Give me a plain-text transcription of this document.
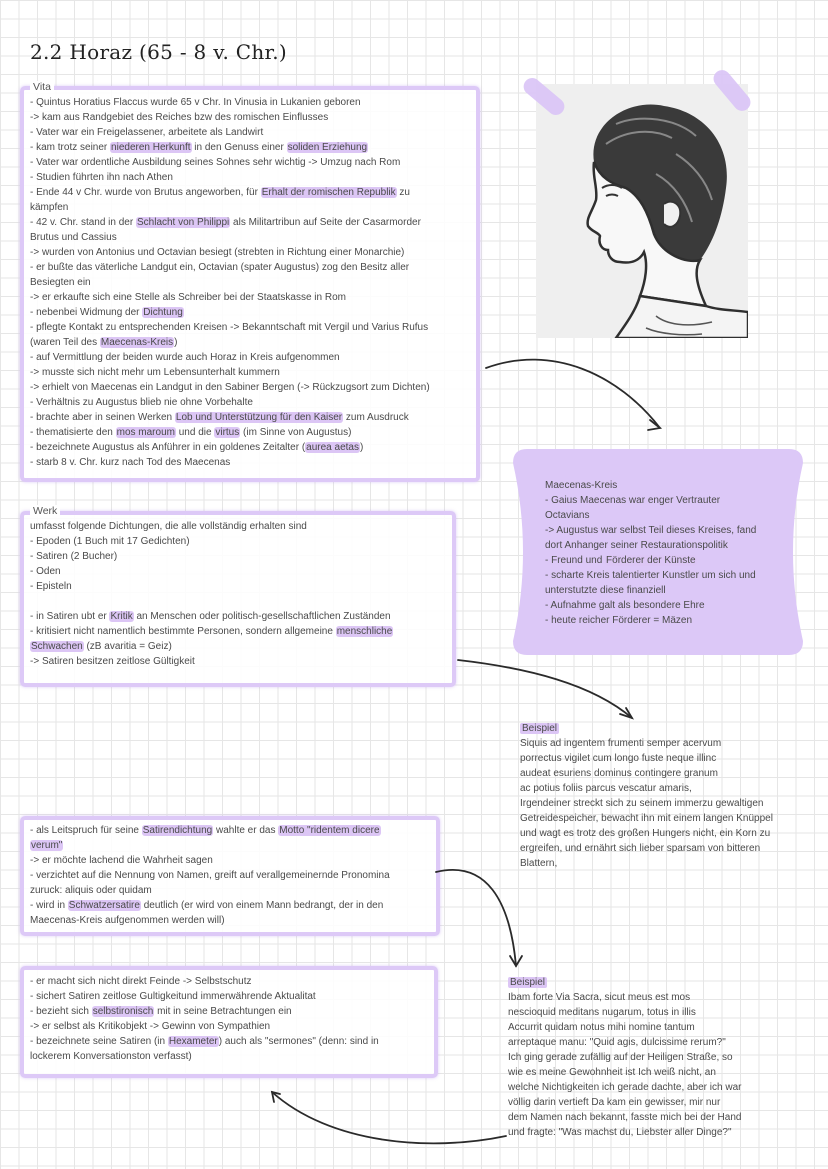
2.2 Horaz (65 - 8 v. Chr.)
Vita
- Quintus Horatius Flaccus wurde 65 v Chr. In Vinusia in Lukanien geboren
-> kam aus Randgebiet des Reiches bzw des romischen Einflusses
- Vater war ein Freigelassener, arbeitete als Landwirt
- kam trotz seiner niederen Herkunft in den Genuss einer soliden Erziehung
- Vater war ordentliche Ausbildung seines Sohnes sehr wichtig -> Umzug nach Rom
- Studien führten ihn nach Athen
- Ende 44 v Chr. wurde von Brutus angeworben, für Erhalt der romischen Republik zu
kämpfen
- 42 v. Chr. stand in der Schlacht von Philippi als Militartribun auf Seite der Casarmorder
Brutus und Cassius
-> wurden von Antonius und Octavian besiegt (strebten in Richtung einer Monarchie)
- er bußte das väterliche Landgut ein, Octavian (spater Augustus) zog den Besitz aller
Besiegten ein
-> er erkaufte sich eine Stelle als Schreiber bei der Staatskasse in Rom
- nebenbei Widmung der Dichtung
- pflegte Kontakt zu entsprechenden Kreisen -> Bekanntschaft mit Vergil und Varius Rufus
(waren Teil des Maecenas-Kreis)
- auf Vermittlung der beiden wurde auch Horaz in Kreis aufgenommen
-> musste sich nicht mehr um Lebensunterhalt kummern
-> erhielt von Maecenas ein Landgut in den Sabiner Bergen (-> Rückzugsort zum Dichten)
- Verhältnis zu Augustus blieb nie ohne Vorbehalte
- brachte aber in seinen Werken Lob und Unterstützung für den Kaiser zum Ausdruck
- thematisierte den mos maroum und die virtus (im Sinne von Augustus)
- bezeichnete Augustus als Anführer in ein goldenes Zeitalter (aurea aetas)
- starb 8 v. Chr. kurz nach Tod des Maecenas
Maecenas-Kreis
- Gaius Maecenas war enger Vertrauter
Octavians
-> Augustus war selbst Teil dieses Kreises, fand
dort Anhanger seiner Restaurationspolitik
- Freund und Förderer der Künste
- scharte Kreis talentierter Kunstler um sich und
unterstutzte diese finanziell
- Aufnahme galt als besondere Ehre
- heute reicher Förderer = Mäzen
Werk
umfasst folgende Dichtungen, die alle vollständig erhalten sind
- Epoden (1 Buch mit 17 Gedichten)
- Satiren (2 Bucher)
- Oden
- Episteln

- in Satiren ubt er Kritik an Menschen oder politisch-gesellschaftlichen Zuständen
- kritisiert nicht namentlich bestimmte Personen, sondern allgemeine menschliche
Schwachen (zB avaritia = Geiz)
-> Satiren besitzen zeitlose Gültigkeit
Beispiel
Siquis ad ingentem frumenti semper acervum
porrectus vigilet cum longo fuste neque illinc
audeat esuriens dominus contingere granum
ac potius foliis parcus vescatur amaris,
Irgendeiner streckt sich zu seinem immerzu gewaltigen
Getreidespeicher, bewacht ihn mit einem langen Knüppel
und wagt es trotz des großen Hungers nicht, ein Korn zu
ergreifen, und ernährt sich lieber sparsam von bitteren
Blattern,
- als Leitspruch für seine Satirendichtung wahlte er das Motto "ridentem dicere
verum"
-> er möchte lachend die Wahrheit sagen
- verzichtet auf die Nennung von Namen, greift auf verallgemeinernde Pronomina
zuruck: aliquis oder quidam
- wird in Schwatzersatire deutlich (er wird von einem Mann bedrangt, der in den
Maecenas-Kreis aufgenommen werden will)
- er macht sich nicht direkt Feinde -> Selbstschutz
- sichert Satiren zeitlose Gultigkeitund immerwährende Aktualitat
- bezieht sich selbstironisch mit in seine Betrachtungen ein
-> er selbst als Kritikobjekt -> Gewinn von Sympathien
- bezeichnete seine Satiren (in Hexameter) auch als "sermones" (denn: sind in
lockerem Konversationston verfasst)
Beispiel
Ibam forte Via Sacra, sicut meus est mos
nescioquid meditans nugarum, totus in illis
Accurrit quidam notus mihi nomine tantum
arreptaque manu: "Quid agis, dulcissime rerum?"
Ich ging gerade zufällig auf der Heiligen Straße, so
wie es meine Gewohnheit ist Ich weiß nicht, an
welche Nichtigkeiten ich gerade dachte, aber ich war
völlig darin vertieft Da kam ein gewisser, mir nur
dem Namen nach bekannt, fasste mich bei der Hand
und fragte: "Was machst du, Liebster aller Dinge?"
